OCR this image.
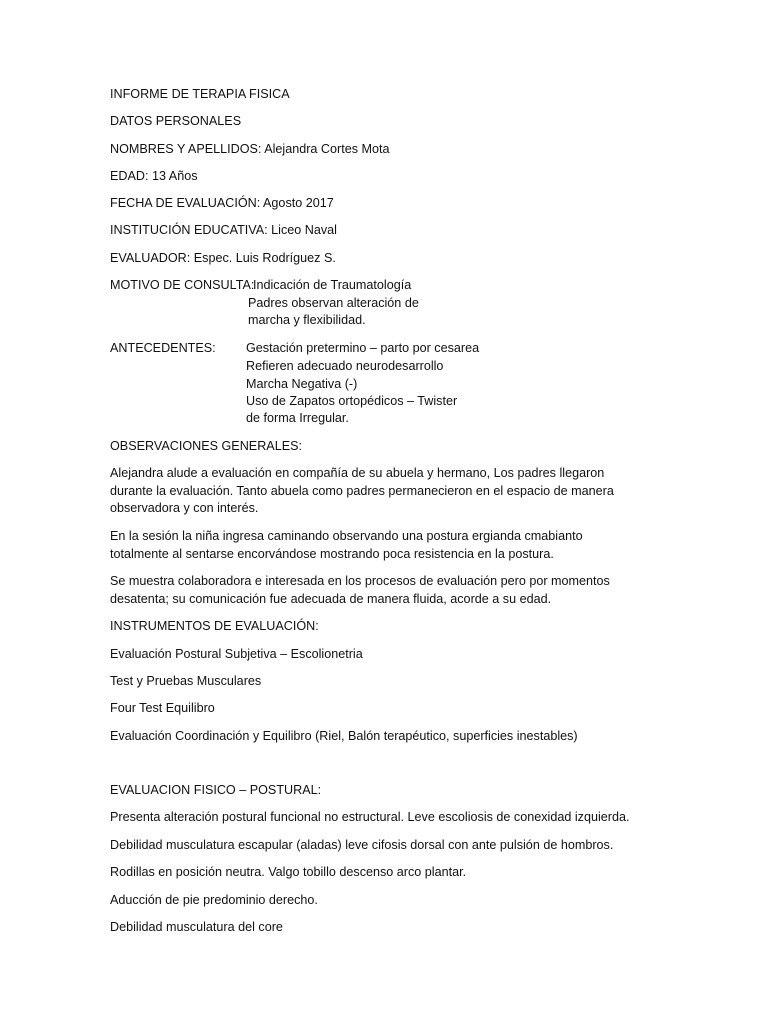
INFORME DE TERAPIA FISICA
DATOS PERSONALES
NOMBRES Y APELLIDOS: Alejandra Cortes Mota
EDAD: 13 Años
FECHA DE EVALUACIÓN: Agosto 2017
INSTITUCIÓN EDUCATIVA: Liceo Naval
EVALUADOR: Espec. Luis Rodríguez S.
MOTIVO DE CONSULTA:
Indicación de Traumatología
Padres observan alteración de
marcha y flexibilidad.
ANTECEDENTES: Gestación pretermino – parto por cesarea
Refieren adecuado neurodesarrollo
Marcha Negativa (-)
Uso de Zapatos ortopédicos – Twister
de forma Irregular.
OBSERVACIONES GENERALES:
Alejandra alude a evaluación en compañía de su abuela y hermano, Los padres llegaron
durante la evaluación. Tanto abuela como padres permanecieron en el espacio de manera
observadora y con interés.
En la sesión la niña ingresa caminando observando una postura ergianda cmabianto
totalmente al sentarse encorvándose mostrando poca resistencia en la postura.
Se muestra colaboradora e interesada en los procesos de evaluación pero por momentos
desatenta; su comunicación fue adecuada de manera fluida, acorde a su edad.
INSTRUMENTOS DE EVALUACIÓN:
Evaluación Postural Subjetiva – Escolionetria
Test y Pruebas Musculares
Four Test Equilibro
Evaluación Coordinación y Equilibro (Riel, Balón terapéutico, superficies inestables)
EVALUACION FISICO – POSTURAL:
Presenta alteración postural funcional no estructural. Leve escoliosis de conexidad izquierda.
Debilidad musculatura escapular (aladas) leve cifosis dorsal con ante pulsión de hombros.
Rodillas en posición neutra. Valgo tobillo descenso arco plantar.
Aducción de pie predominio derecho.
Debilidad musculatura del core
